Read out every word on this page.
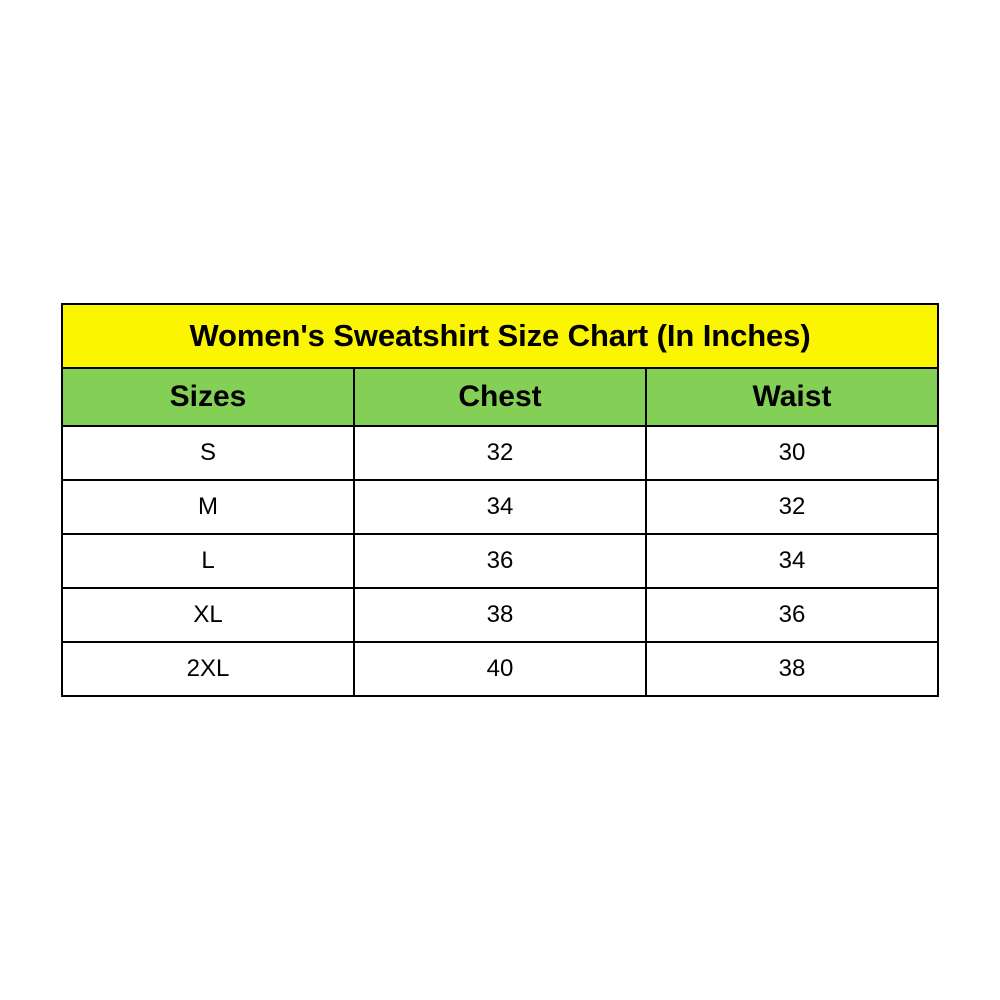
Women's Sweatshirt Size Chart (In Inches)		
Sizes	Chest	Waist
S	32	30
M	34	32
L	36	34
XL	38	36
2XL	40	38
